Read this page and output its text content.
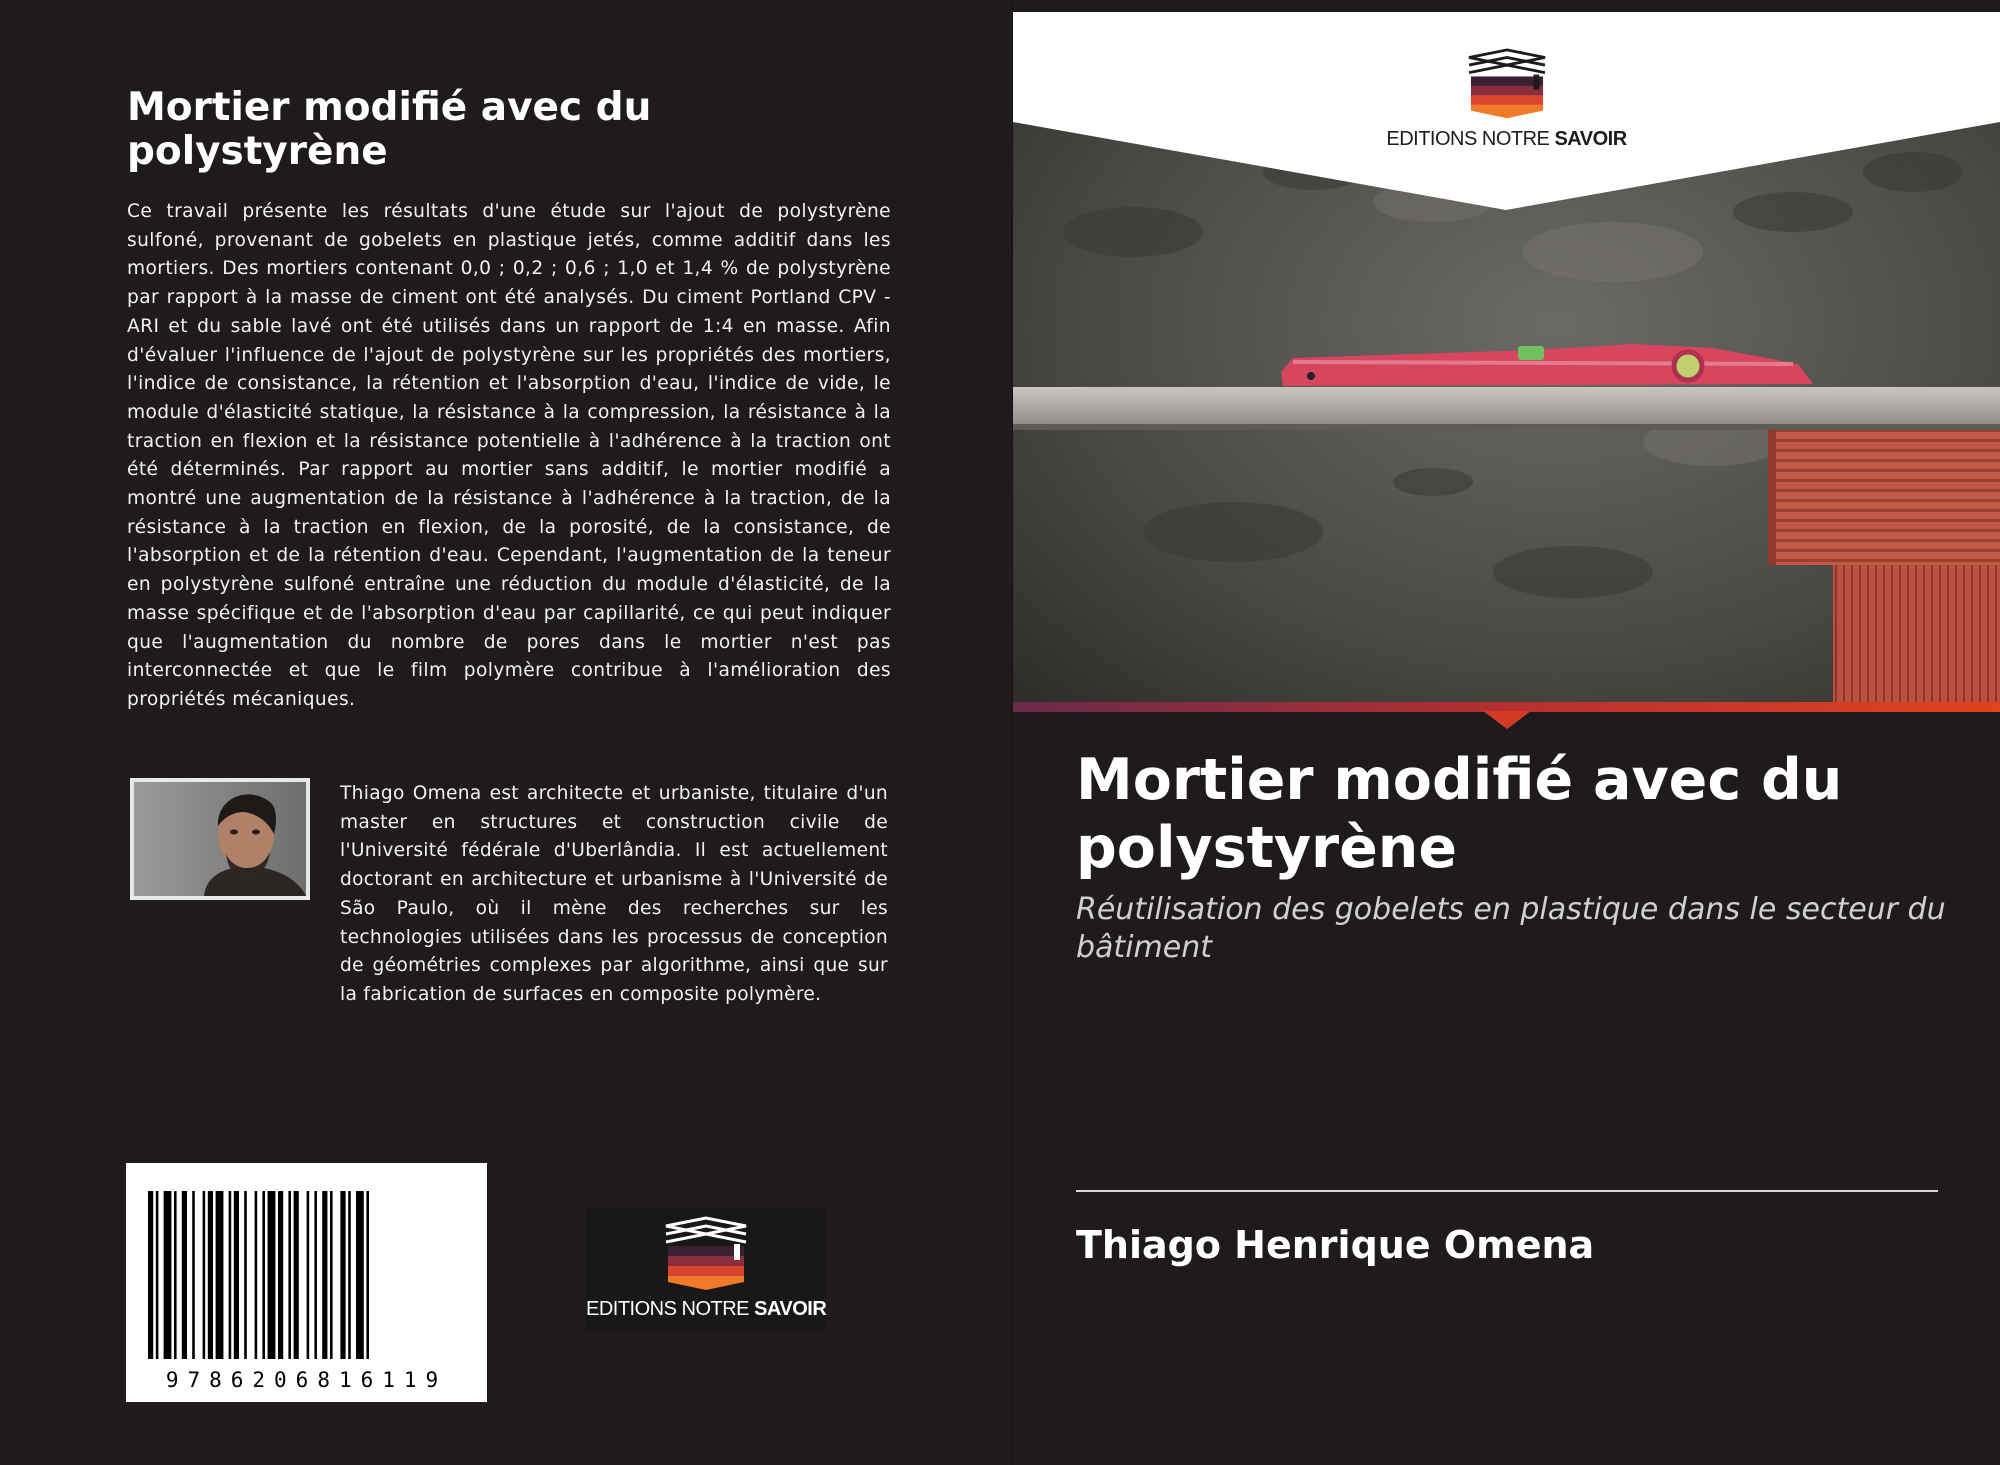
Mortier modifié avec du polystyrène
Ce travail présente les résultats d'une étude sur l'ajout de polystyrène sulfoné, provenant de gobelets en plastique jetés, comme additif dans les mortiers. Des mortiers contenant 0,0 ; 0,2 ; 0,6 ; 1,0 et 1,4 % de polystyrène par rapport à la masse de ciment ont été analysés. Du ciment Portland CPV - ARI et du sable lavé ont été utilisés dans un rapport de 1:4 en masse. Afin d'évaluer l'influence de l'ajout de polystyrène sur les propriétés des mortiers, l'indice de consistance, la rétention et l'absorption d'eau, l'indice de vide, le module d'élasticité statique, la résistance à la compression, la résistance à la traction en flexion et la résistance potentielle à l'adhérence à la traction ont été déterminés. Par rapport au mortier sans additif, le mortier modifié a montré une augmentation de la résistance à l'adhérence à la traction, de la résistance à la traction en flexion, de la porosité, de la consistance, de l'absorption et de la rétention d'eau. Cependant, l'augmentation de la teneur en polystyrène sulfoné entraîne une réduction du module d'élasticité, de la masse spécifique et de l'absorption d'eau par capillarité, ce qui peut indiquer que l'augmentation du nombre de pores dans le mortier n'est pas interconnectée et que le film polymère contribue à l'amélioration des propriétés mécaniques.
Thiago Omena est architecte et urbaniste, titulaire d'un master en structures et construction civile de l'Université fédérale d'Uberlândia. Il est actuellement doctorant en architecture et urbanisme à l'Université de São Paulo, où il mène des recherches sur les technologies utilisées dans les processus de conception de géométries complexes par algorithme, ainsi que sur la fabrication de surfaces en composite polymère.
9786206816119
EDITIONS NOTRE SAVOIR
EDITIONS NOTRE SAVOIR
Mortier modifié avec du polystyrène
Réutilisation des gobelets en plastique dans le secteur du bâtiment
Thiago Henrique Omena
